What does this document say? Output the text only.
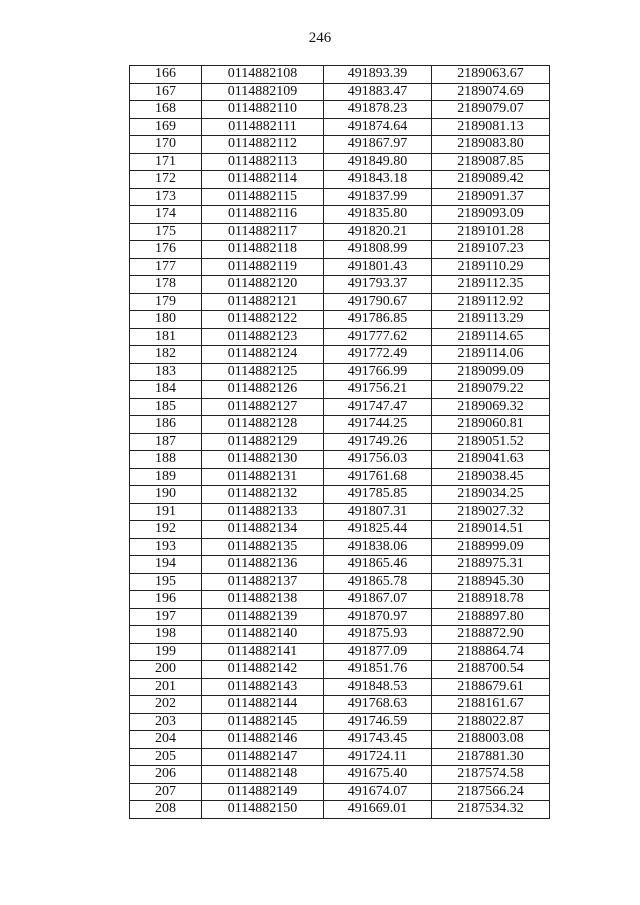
246
166	0114882108	491893.39	2189063.67
167	0114882109	491883.47	2189074.69
168	0114882110	491878.23	2189079.07
169	0114882111	491874.64	2189081.13
170	0114882112	491867.97	2189083.80
171	0114882113	491849.80	2189087.85
172	0114882114	491843.18	2189089.42
173	0114882115	491837.99	2189091.37
174	0114882116	491835.80	2189093.09
175	0114882117	491820.21	2189101.28
176	0114882118	491808.99	2189107.23
177	0114882119	491801.43	2189110.29
178	0114882120	491793.37	2189112.35
179	0114882121	491790.67	2189112.92
180	0114882122	491786.85	2189113.29
181	0114882123	491777.62	2189114.65
182	0114882124	491772.49	2189114.06
183	0114882125	491766.99	2189099.09
184	0114882126	491756.21	2189079.22
185	0114882127	491747.47	2189069.32
186	0114882128	491744.25	2189060.81
187	0114882129	491749.26	2189051.52
188	0114882130	491756.03	2189041.63
189	0114882131	491761.68	2189038.45
190	0114882132	491785.85	2189034.25
191	0114882133	491807.31	2189027.32
192	0114882134	491825.44	2189014.51
193	0114882135	491838.06	2188999.09
194	0114882136	491865.46	2188975.31
195	0114882137	491865.78	2188945.30
196	0114882138	491867.07	2188918.78
197	0114882139	491870.97	2188897.80
198	0114882140	491875.93	2188872.90
199	0114882141	491877.09	2188864.74
200	0114882142	491851.76	2188700.54
201	0114882143	491848.53	2188679.61
202	0114882144	491768.63	2188161.67
203	0114882145	491746.59	2188022.87
204	0114882146	491743.45	2188003.08
205	0114882147	491724.11	2187881.30
206	0114882148	491675.40	2187574.58
207	0114882149	491674.07	2187566.24
208	0114882150	491669.01	2187534.32
